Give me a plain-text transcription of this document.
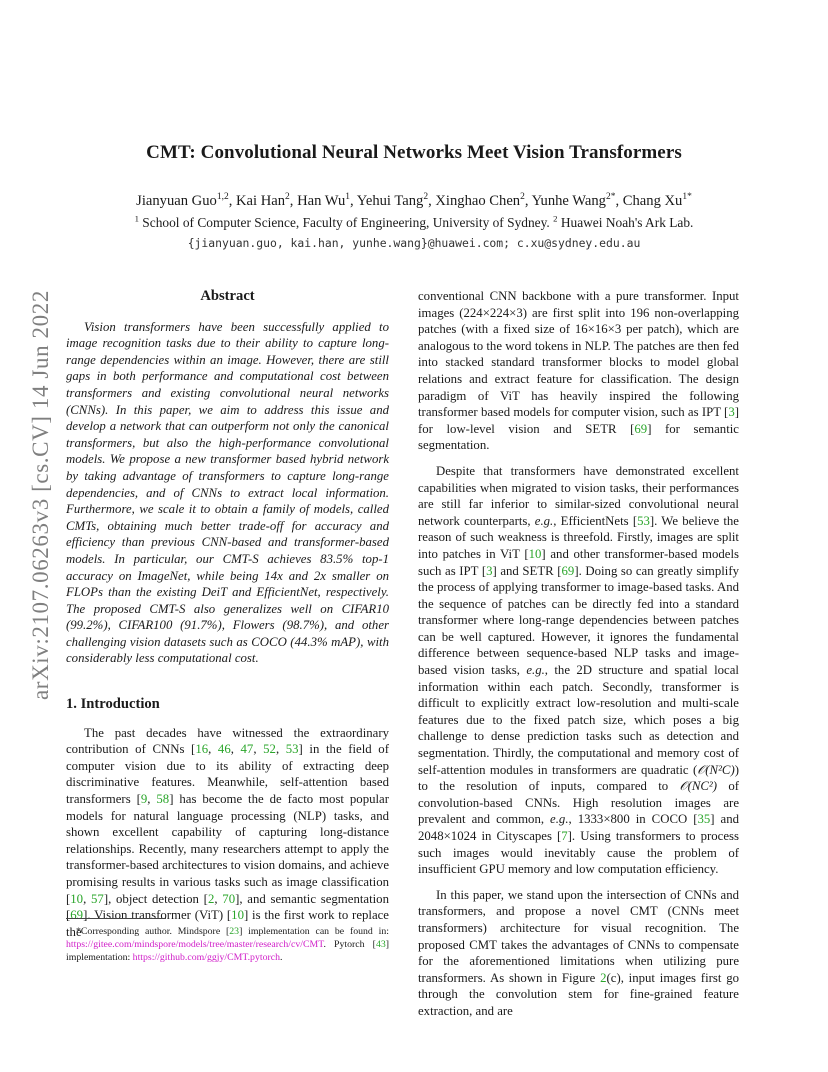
arXiv:2107.06263v3 [cs.CV] 14 Jun 2022
CMT: Convolutional Neural Networks Meet Vision Transformers
Jianyuan Guo$^{1,2}$, Kai Han$^2$, Han Wu$^1$, Yehui Tang$^2$, Xinghao Chen$^2$, Yunhe Wang$^{2*}$, Chang $Xu^{1*}$
$^1$ School of Computer Science, Faculty of Engineering, University of Sydney. $^2$ Huawei Noah's Ark Lab.
{jianyuan.guo, kai.han, yunhe.wang}@huawei.com; c.xu@sydney.edu.au
Abstract

Vision transformers have been successfully applied to image recognition tasks due to their ability to capture long-range dependencies within an image. However, there are still gaps in both performance and computational cost between transformers and existing convolutional neural networks (CNNs). In this paper, we aim to address this issue and develop a network that can outperform not only the canonical transformers, but also the high-performance convolutional models. We propose a new transformer based hybrid network by taking advantage of transformers to capture long-range dependencies, and of CNNs to extract local information. Furthermore, we scale it to obtain a family of models, called CMTs, obtaining much better trade-off for accuracy and efficiency than previous CNN-based and transformer-based models. In particular, our CMT-S achieves 83.5% top-1 accuracy on ImageNet, while being 14x and 2x smaller on FLOPs than the existing DeiT and EfficientNet, respectively. The proposed CMT-S also generalizes well on CIFAR10 (99.2%), CIFAR100 (91.7%), Flowers (98.7%), and other challenging vision datasets such as COCO (44.3% mAP), with considerably less computational cost.

1. Introduction

The past decades have witnessed the extraordinary contribution of CNNs [16, 46, 47, 52, 53] in the field of computer vision due to its ability of extracting deep discriminative features. Meanwhile, self-attention based transformers [9, 58] has become the de facto most popular models for natural language processing (NLP) tasks, and shown excellent capability of capturing long-distance relationships. Recently, many researchers attempt to apply the transformer-based architectures to vision domains, and achieve promising results in various tasks such as image classification [10, 57], object detection [2, 70], and semantic segmentation [69]. Vision transformer (ViT) [10] is the first work to replace the

*Corresponding author. Mindspore [23] implementation can be found in: https://gitee.com/mindspore/models/tree/master/research/cv/CMT. Pytorch [43] implementation: https://github.com/ggjy/CMT.pytorch.

conventional CNN backbone with a pure transformer. Input images (224×224×3) are first split into 196 non-overlapping patches (with a fixed size of 16×16×3 per patch), which are analogous to the word tokens in NLP. The patches are then fed into stacked standard transformer blocks to model global relations and extract feature for classification. The design paradigm of ViT has heavily inspired the following transformer based models for computer vision, such as IPT [3] for low-level vision and SETR [69] for semantic segmentation.

Despite that transformers have demonstrated excellent capabilities when migrated to vision tasks, their performances are still far inferior to similar-sized convolutional neural network counterparts, e.g., EfficientNets [53]. We believe the reason of such weakness is threefold. Firstly, images are split into patches in ViT [10] and other transformer-based models such as IPT [3] and SETR [69]. Doing so can greatly simplify the process of applying transformer to image-based tasks. And the sequence of patches can be directly fed into a standard transformer where long-range dependencies between patches can be well captured. However, it ignores the fundamental difference between sequence-based NLP tasks and image-based vision tasks, e.g., the 2D structure and spatial local information within each patch. Secondly, transformer is difficult to explicitly extract low-resolution and multi-scale features due to the fixed patch size, which poses a big challenge to dense prediction tasks such as detection and segmentation. Thirdly, the computational and memory cost of self-attention modules in transformers are quadratic (𝒪(N²C)) to the resolution of inputs, compared to 𝒪(NC²) of convolution-based CNNs. High resolution images are prevalent and common, e.g., 1333×800 in COCO [35] and 2048×1024 in Cityscapes [7]. Using transformers to process such images would inevitably cause the problem of insufficient GPU memory and low computation efficiency.

In this paper, we stand upon the intersection of CNNs and transformers, and propose a novel CMT (CNNs meet transformers) architecture for visual recognition. The proposed CMT takes the advantages of CNNs to compensate for the aforementioned limitations when utilizing pure transformers. As shown in Figure 2(c), input images first go through the convolution stem for fine-grained feature extraction, and are
